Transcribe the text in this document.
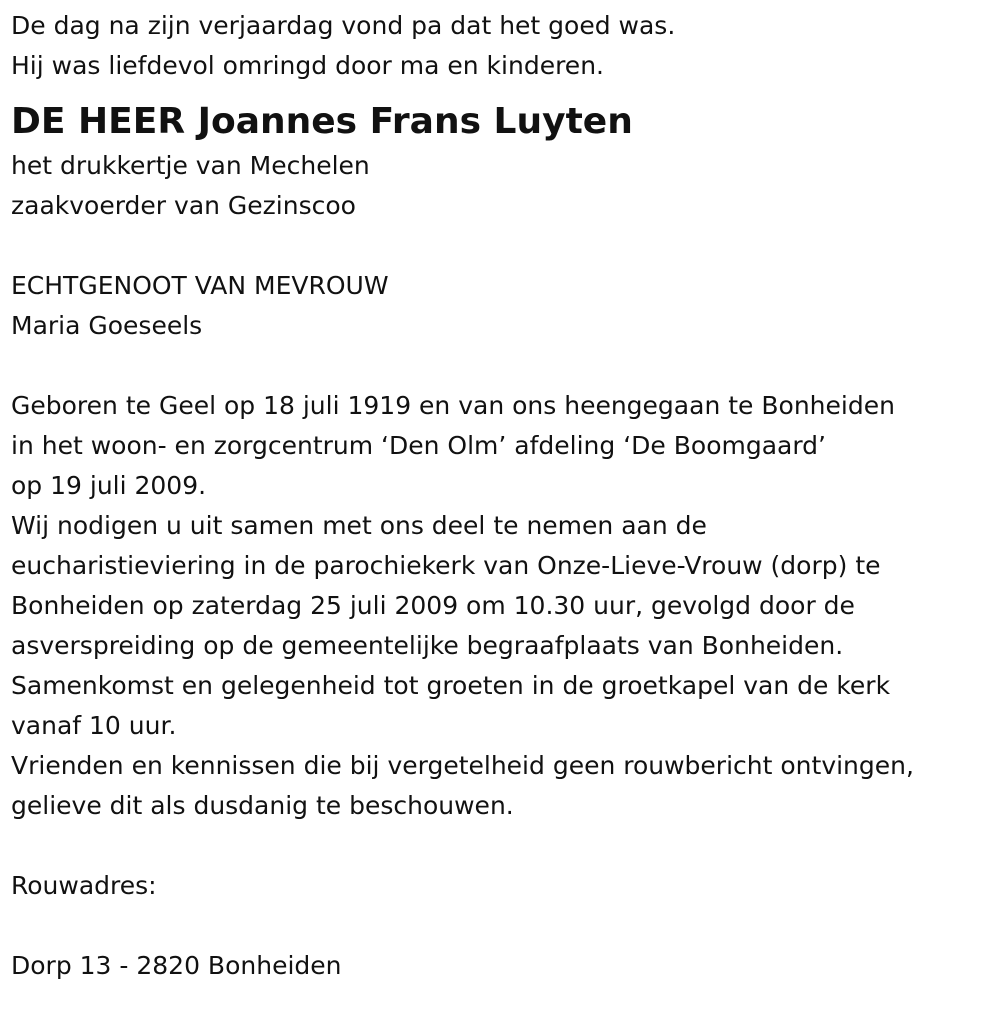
De dag na zijn verjaardag vond pa dat het goed was.
Hij was liefdevol omringd door ma en kinderen.
DE HEER Joannes Frans Luyten
het drukkertje van Mechelen
zaakvoerder van Gezinscoo
ECHTGENOOT VAN MEVROUW
Maria Goeseels
Geboren te Geel op 18 juli 1919 en van ons heengegaan te Bonheiden
in het woon- en zorgcentrum ‘Den Olm’ afdeling ‘De Boomgaard’
op 19 juli 2009.
Wij nodigen u uit samen met ons deel te nemen aan de
eucharistieviering in de parochiekerk van Onze-Lieve-Vrouw (dorp) te
Bonheiden op zaterdag 25 juli 2009 om 10.30 uur, gevolgd door de
asverspreiding op de gemeentelijke begraafplaats van Bonheiden.
Samenkomst en gelegenheid tot groeten in de groetkapel van de kerk
vanaf 10 uur.
Vrienden en kennissen die bij vergetelheid geen rouwbericht ontvingen,
gelieve dit als dusdanig te beschouwen.
Rouwadres:
Dorp 13 - 2820 Bonheiden
